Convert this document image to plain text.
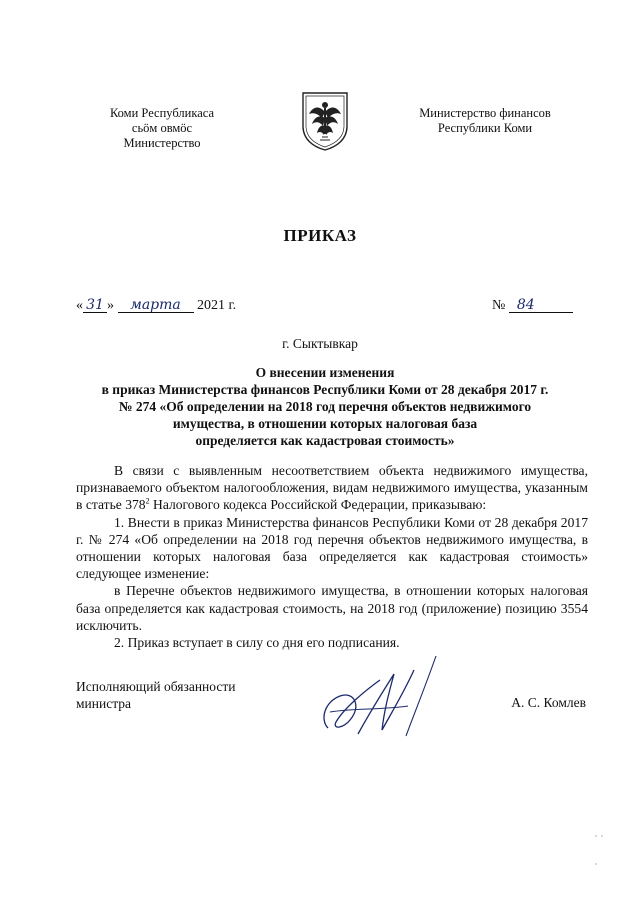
Коми Республикаса
сьӧм овмӧс
Министерство
Министерство финансов
Республики Коми
ПРИКАЗ
« 31 » марта 2021 г.	№ 84
г. Сыктывкар
О внесении изменения
в приказ Министерства финансов Республики Коми от 28 декабря 2017 г.
№ 274 «Об определении на 2018 год перечня объектов недвижимого
имущества, в отношении которых налоговая база
определяется как кадастровая стоимость»

В связи с выявленным несоответствием объекта недвижимого имущества, признаваемого объектом налогообложения, видам недвижимого имущества, указанным в статье $378^2$ Налогового кодекса Российской Федерации, приказываю:

1. Внести в приказ Министерства финансов Республики Коми от 28 декабря 2017 г. № 274 «Об определении на 2018 год перечня объектов недвижимого имущества, в отношении которых налоговая база определяется как кадастровая стоимость» следующее изменение:

в Перечне объектов недвижимого имущества, в отношении которых налоговая база определяется как кадастровая стоимость, на 2018 год (приложение) позицию 3554 исключить.

2. Приказ вступает в силу со дня его подписания.

Исполняющий обязанности
министра	А. С. Комлев
